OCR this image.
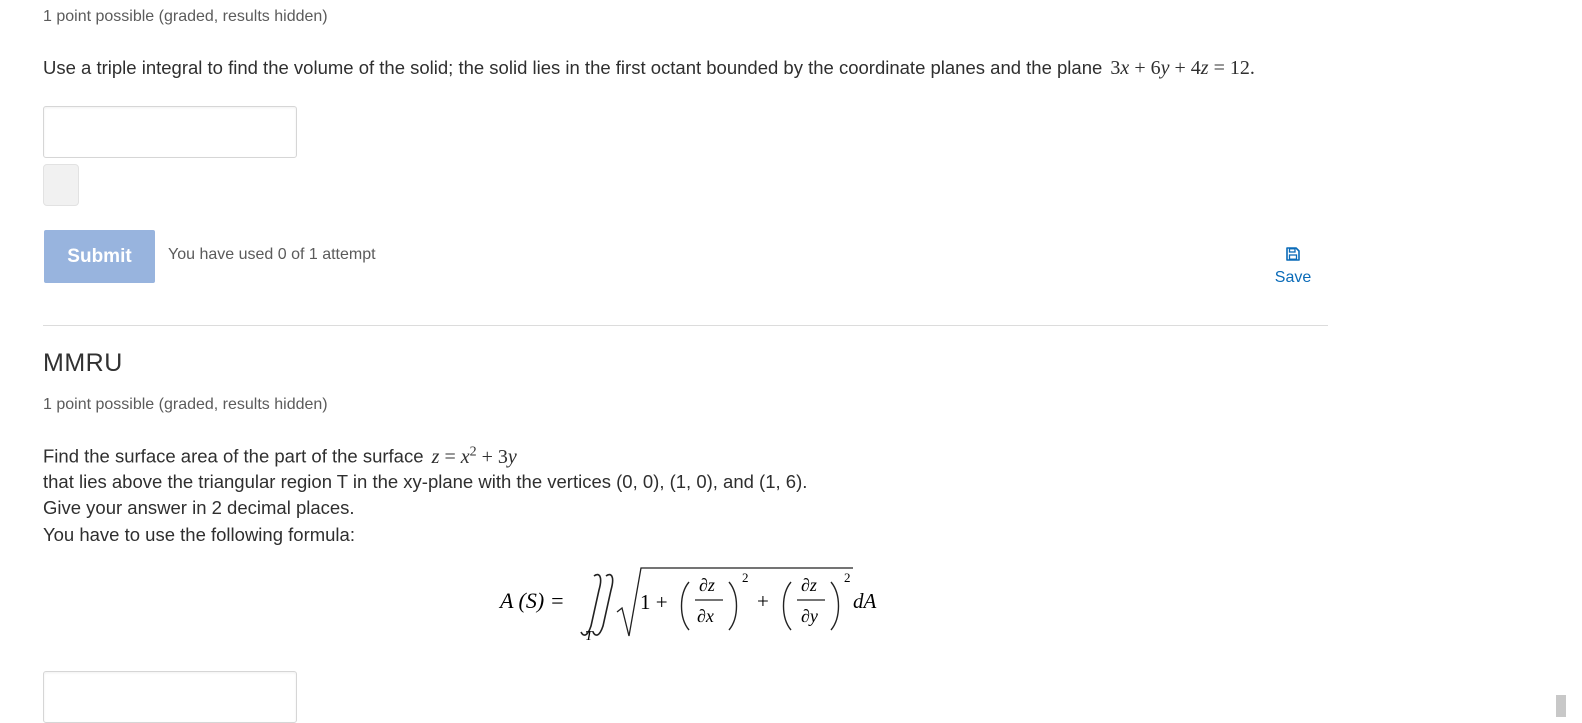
1 point possible (graded, results hidden)
Use a triple integral to find the volume of the solid; the solid lies in the first octant bounded by the coordinate planes and the plane 3x + 6y + 4z = 12.
Submit	You have used 0 of 1 attempt
Save
MMRU
1 point possible (graded, results hidden)
Find the surface area of the part of the surface $z = x^2 + 3y$
that lies above the triangular region T in the xy-plane with the vertices (0, 0), (1, 0), and (1, 6).
Give your answer in 2 decimal places.
You have to use the following formula:
A (S) =
T
1 +
∂z
∂x
2
+
∂z
∂y
2
dA
